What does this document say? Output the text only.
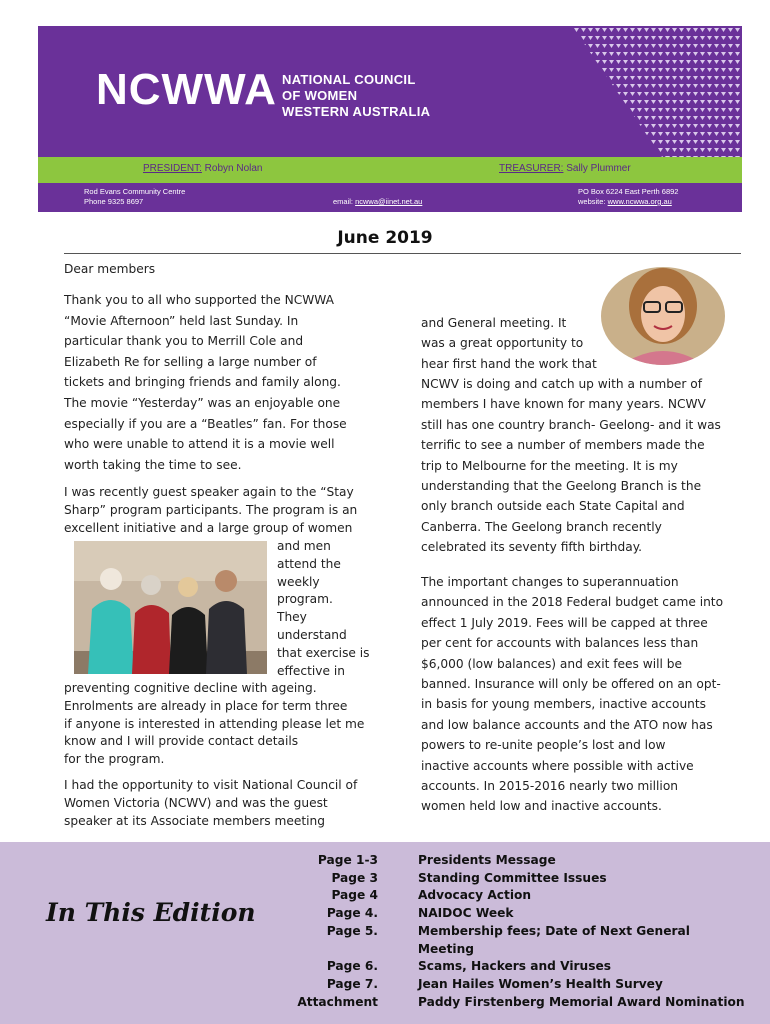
NCWWA NATIONAL COUNCIL
OF WOMEN
WESTERN AUSTRALIA
PRESIDENT: Robyn Nolan	TREASURER: Sally Plummer
Rod Evans Community Centre
Phone 9325 8697	email: ncwwa@iinet.net.au
PO Box 6224 East Perth 6892
website: www.ncwwa.org.au
June 2019
Dear members
Thank you to all who supported the NCWWA
“Movie Afternoon” held last Sunday. In
particular thank you to Merrill Cole and
Elizabeth Re for selling a large number of
tickets and bringing friends and family along.
The movie “Yesterday” was an enjoyable one
especially if you are a “Beatles” fan. For those
who were unable to attend it is a movie well
worth taking the time to see.
I was recently guest speaker again to the “Stay
Sharp” program participants. The program is an
excellent initiative and a large group of women
and men
attend the
weekly
program.
They
understand
that exercise is
effective in
preventing cognitive decline with ageing.
Enrolments are already in place for term three
if anyone is interested in attending please let me
know and I will provide contact details
for the program.
I had the opportunity to visit National Council of
Women Victoria (NCWV) and was the guest
speaker at its Associate members meeting
and General meeting. It
was a great opportunity to
hear first hand the work that
NCWV is doing and catch up with a number of
members I have known for many years. NCWV
still has one country branch- Geelong- and it was
terrific to see a number of members made the
trip to Melbourne for the meeting. It is my
understanding that the Geelong Branch is the
only branch outside each State Capital and
Canberra. The Geelong branch recently
celebrated its seventy fifth birthday.
The important changes to superannuation
announced in the 2018 Federal budget came into
effect 1 July 2019. Fees will be capped at three
per cent for accounts with balances less than
$6,000 (low balances) and exit fees will be
banned. Insurance will only be offered on an opt-
in basis for young members, inactive accounts
and low balance accounts and the ATO now has
powers to re-unite people’s lost and low
inactive accounts where possible with active
accounts. In 2015-2016 nearly two million
women held low and inactive accounts.
In This Edition
Page 1-3	Presidents Message
Page 3	Standing Committee Issues
Page 4	Advocacy Action
Page 4.	NAIDOC Week
Page 5.	Membership fees; Date of Next General Meeting
Page 6.	Scams, Hackers and Viruses
Page 7.	Jean Hailes Women’s Health Survey
Attachment	Paddy Firstenberg Memorial Award Nomination
